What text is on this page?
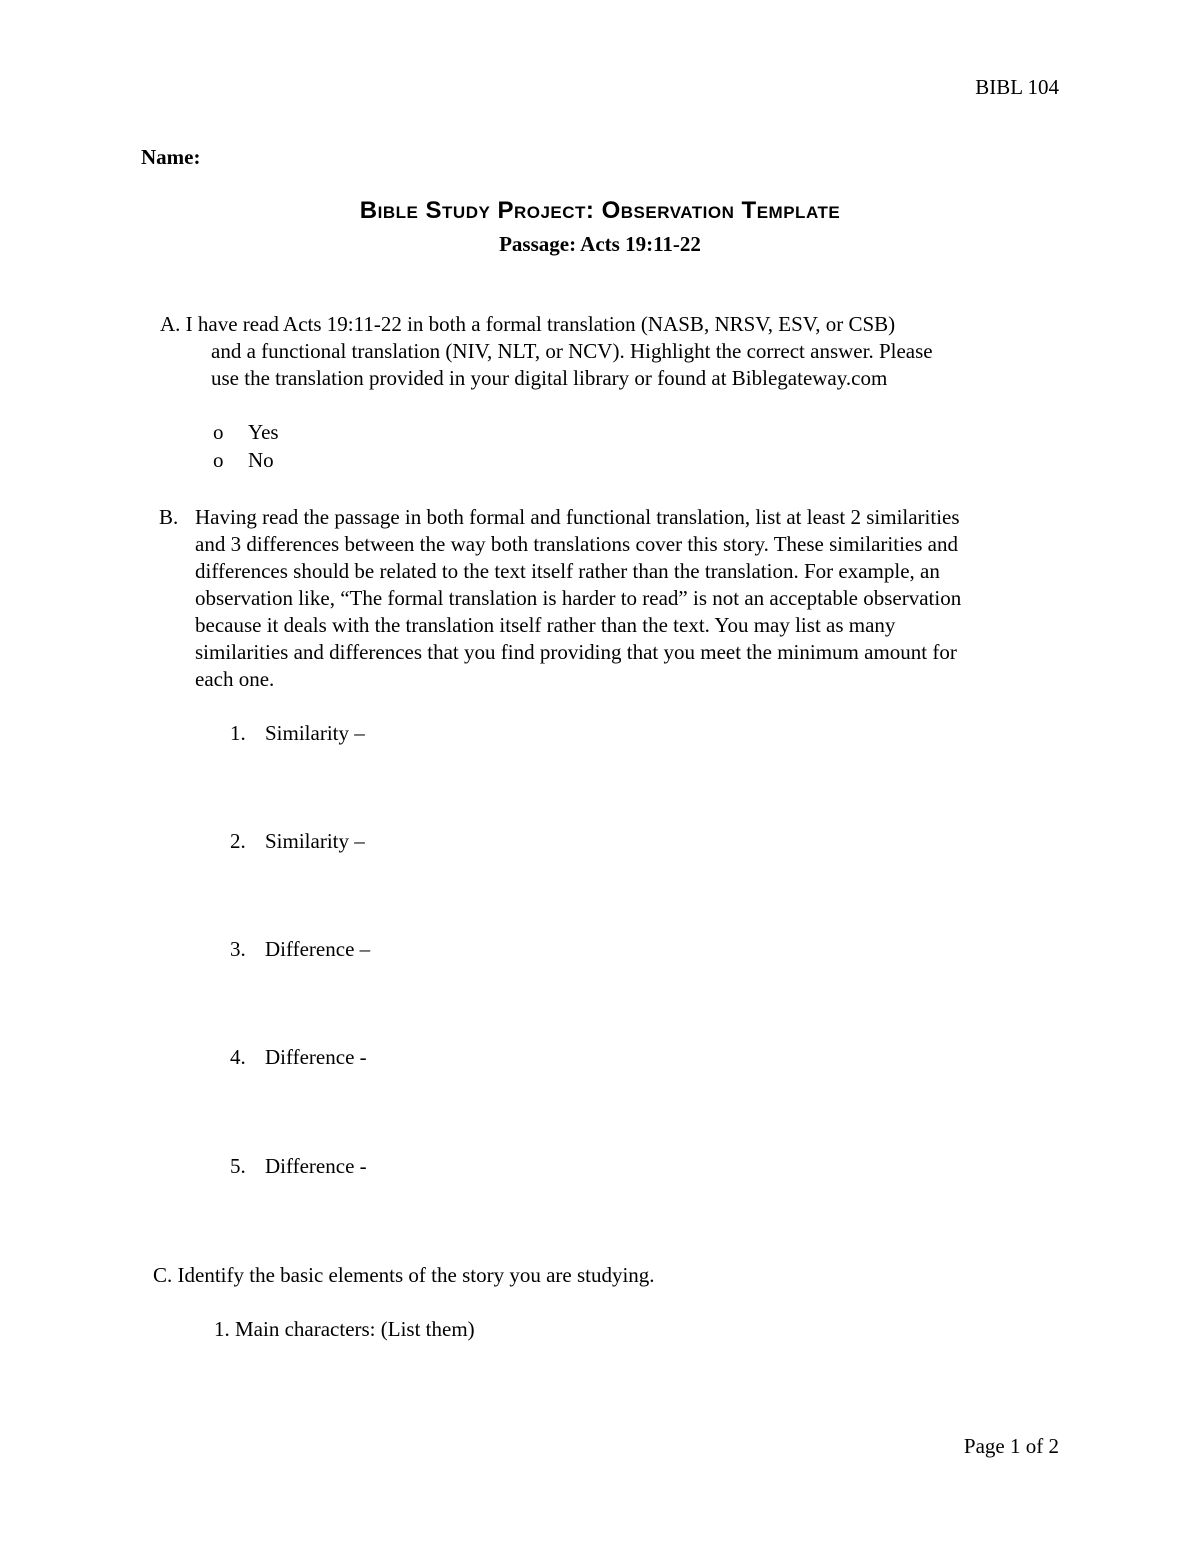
BIBL 104
Name:
Bible Study Project: Observation Template
Passage: Acts 19:11-22
A. I have read Acts 19:11-22 in both a formal translation (NASB, NRSV, ESV, or CSB)
and a functional translation (NIV, NLT, or NCV). Highlight the correct answer. Please
use the translation provided in your digital library or found at Biblegateway.com
o Yes
o No
B. Having read the passage in both formal and functional translation, list at least 2 similarities
and 3 differences between the way both translations cover this story. These similarities and
differences should be related to the text itself rather than the translation. For example, an
observation like, “The formal translation is harder to read” is not an acceptable observation
because it deals with the translation itself rather than the text. You may list as many
similarities and differences that you find providing that you meet the minimum amount for
each one.
1. Similarity –
2. Similarity –
3. Difference –
4. Difference -
5. Difference -
C. Identify the basic elements of the story you are studying.
1. Main characters: (List them)
Page 1 of 2
